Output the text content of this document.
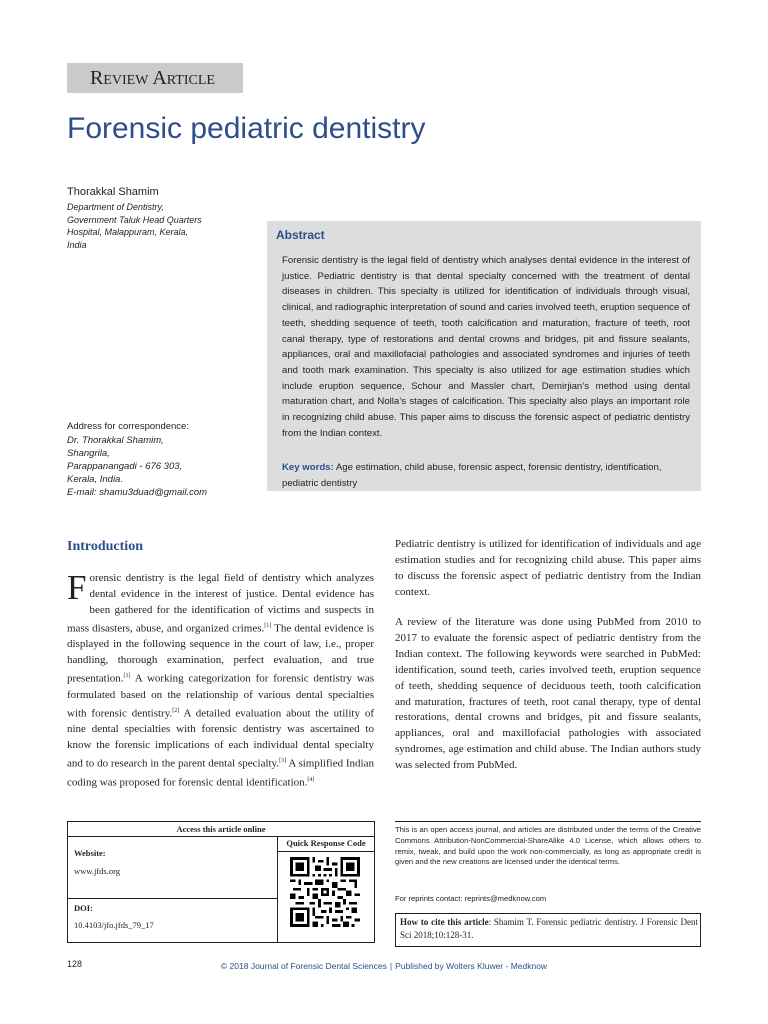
Review Article
Forensic pediatric dentistry
Thorakkal Shamim
Department of Dentistry,
Government Taluk Head Quarters
Hospital, Malappuram, Kerala,
India
Abstract

Forensic dentistry is the legal field of dentistry which analyses dental evidence in the interest of justice. Pediatric dentistry is that dental specialty concerned with the treatment of dental diseases in children. This specialty is utilized for identification of individuals through visual, clinical, and radiographic interpretation of sound and caries involved teeth, eruption sequence of teeth, shedding sequence of teeth, tooth calcification and maturation, fracture of teeth, root canal therapy, type of restorations and dental crowns and bridges, pit and fissure sealants, appliances, oral and maxillofacial pathologies and associated syndromes and injuries of teeth and tooth mark examination. This specialty is also utilized for age estimation studies which include eruption sequence, Schour and Massler chart, Demirjian’s method using dental maturation chart, and Nolla’s stages of calcification. This specialty also plays an important role in recognizing child abuse. This paper aims to discuss the forensic aspect of pediatric dentistry from the Indian context.

Key words: Age estimation, child abuse, forensic aspect, forensic dentistry, identification, pediatric dentistry

Address for correspondence:
Dr. Thorakkal Shamim,
Shangrila,
Parappanangadi - 676 303,
Kerala, India.
E-mail: shamu3duad@gmail.com
Introduction

Forensic dentistry is the legal field of dentistry which analyzes dental evidence in the interest of justice. Dental evidence has been gathered for the identification of victims and suspects in mass disasters, abuse, and organized crimes.[1] The dental evidence is displayed in the following sequence in the court of law, i.e., proper handling, thorough examination, perfect evaluation, and true presentation.[1] A working categorization for forensic dentistry was formulated based on the relationship of various dental specialties with forensic dentistry.[2] A detailed evaluation about the utility of nine dental specialties with forensic dentistry was ascertained to know the forensic implications of each individual dental specialty and to do research in the parent dental specialty.[3] A simplified Indian coding was proposed for forensic dental identification.[4]

Pediatric dentistry is utilized for identification of individuals and age estimation studies and for recognizing child abuse. This paper aims to discuss the forensic aspect of pediatric dentistry from the Indian context.

A review of the literature was done using PubMed from 2010 to 2017 to evaluate the forensic aspect of pediatric dentistry from the Indian context. The following keywords were searched in PubMed: identification, sound teeth, caries involved teeth, eruption sequence of teeth, shedding sequence of deciduous teeth, tooth calcification and maturation, fractures of teeth, root canal therapy, type of dental restorations, dental crowns and bridges, pit and fissure sealants, appliances, oral and maxillofacial pathologies with associated syndromes, age estimation and child abuse. The Indian authors study was selected from PubMed.

Access this article online
Quick Response Code
Website:
www.jfds.org
DOI:
10.4103/jfo.jfds_79_17

This is an open access journal, and articles are distributed under the terms of the Creative Commons Attribution-NonCommercial-ShareAlike 4.0 License, which allows others to remix, tweak, and build upon the work non-commercially, as long as appropriate credit is given and the new creations are licensed under the identical terms.

For reprints contact: reprints@medknow.com

How to cite this article: Shamim T. Forensic pediatric dentistry. J Forensic Dent Sci 2018;10:128-31.

128	© 2018 Journal of Forensic Dental Sciences | Published by Wolters Kluwer - Medknow
